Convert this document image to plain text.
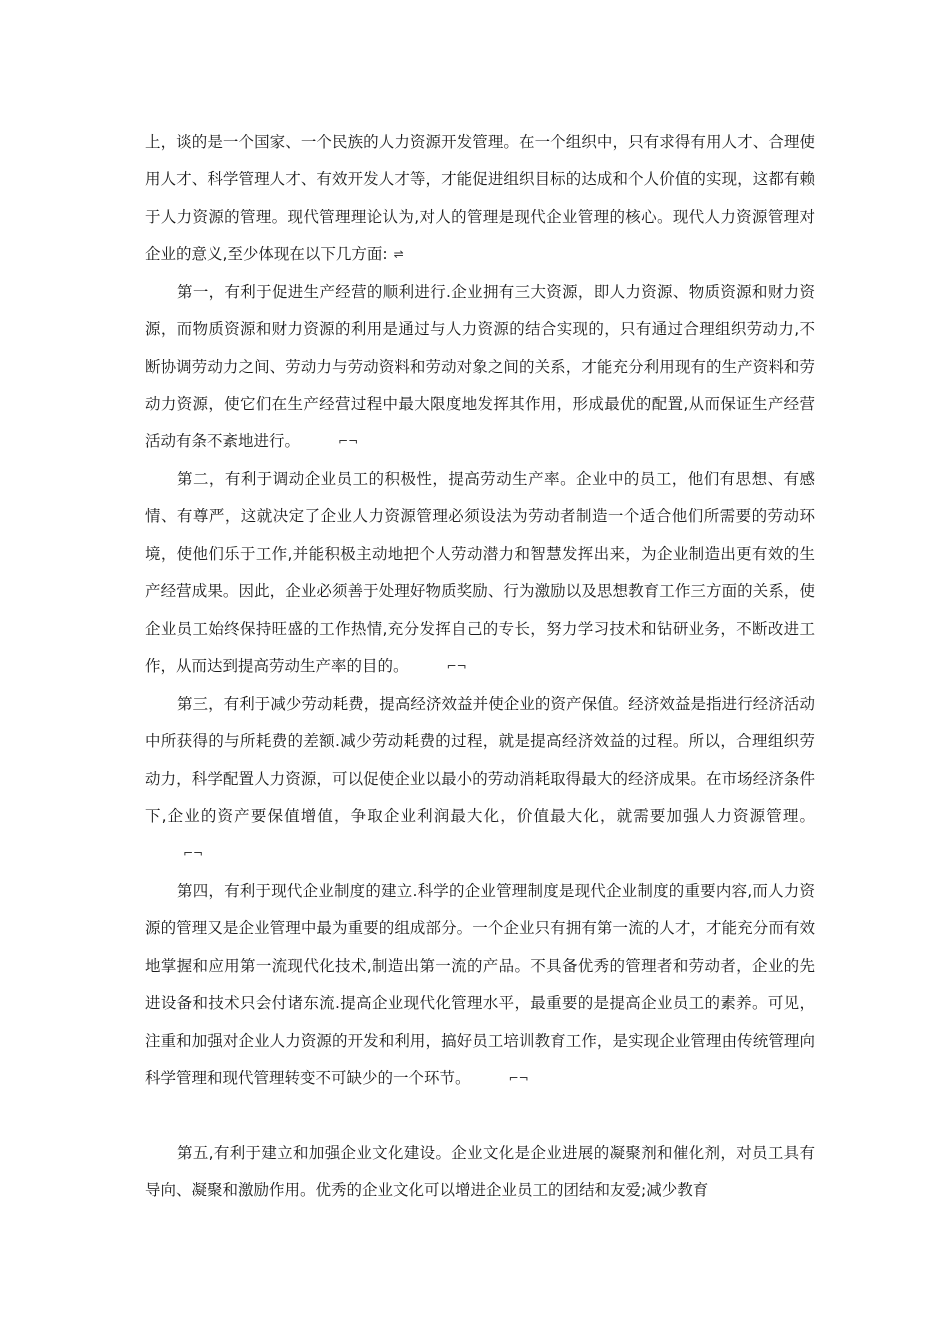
上，谈的是一个国家、一个民族的人力资源开发管理。在一个组织中，只有求得有用人才、合理使用人才、科学管理人才、有效开发人才等，才能促进组织目标的达成和个人价值的实现，这都有赖于人力资源的管理。现代管理理论认为,对人的管理是现代企业管理的核心。现代人力资源管理对企业的意义,至少体现在以下几方面: ⇌

第一，有利于促进生产经营的顺利进行.企业拥有三大资源，即人力资源、物质资源和财力资源，而物质资源和财力资源的利用是通过与人力资源的结合实现的，只有通过合理组织劳动力,不断协调劳动力之间、劳动力与劳动资料和劳动对象之间的关系，才能充分利用现有的生产资料和劳动力资源，使它们在生产经营过程中最大限度地发挥其作用，形成最优的配置,从而保证生产经营活动有条不紊地进行。	⌐¬

第二，有利于调动企业员工的积极性，提高劳动生产率。企业中的员工，他们有思想、有感情、有尊严，这就决定了企业人力资源管理必须设法为劳动者制造一个适合他们所需要的劳动环境，使他们乐于工作,并能积极主动地把个人劳动潜力和智慧发挥出来，为企业制造出更有效的生产经营成果。因此，企业必须善于处理好物质奖励、行为激励以及思想教育工作三方面的关系，使企业员工始终保持旺盛的工作热情,充分发挥自己的专长，努力学习技术和钻研业务，不断改进工作，从而达到提高劳动生产率的目的。	⌐¬

第三，有利于减少劳动耗费，提高经济效益并使企业的资产保值。经济效益是指进行经济活动中所获得的与所耗费的差额.减少劳动耗费的过程，就是提高经济效益的过程。所以，合理组织劳动力，科学配置人力资源，可以促使企业以最小的劳动消耗取得最大的经济成果。在市场经济条件下,企业的资产要保值增值，争取企业利润最大化，价值最大化，就需要加强人力资源管理。⌐¬

第四，有利于现代企业制度的建立.科学的企业管理制度是现代企业制度的重要内容,而人力资源的管理又是企业管理中最为重要的组成部分。一个企业只有拥有第一流的人才，才能充分而有效地掌握和应用第一流现代化技术,制造出第一流的产品。不具备优秀的管理者和劳动者，企业的先进设备和技术只会付诸东流.提高企业现代化管理水平，最重要的是提高企业员工的素养。可见，注重和加强对企业人力资源的开发和利用，搞好员工培训教育工作，是实现企业管理由传统管理向科学管理和现代管理转变不可缺少的一个环节。	⌐¬

第五,有利于建立和加强企业文化建设。企业文化是企业进展的凝聚剂和催化剂，对员工具有导向、凝聚和激励作用。优秀的企业文化可以增进企业员工的团结和友爱;减少教育
